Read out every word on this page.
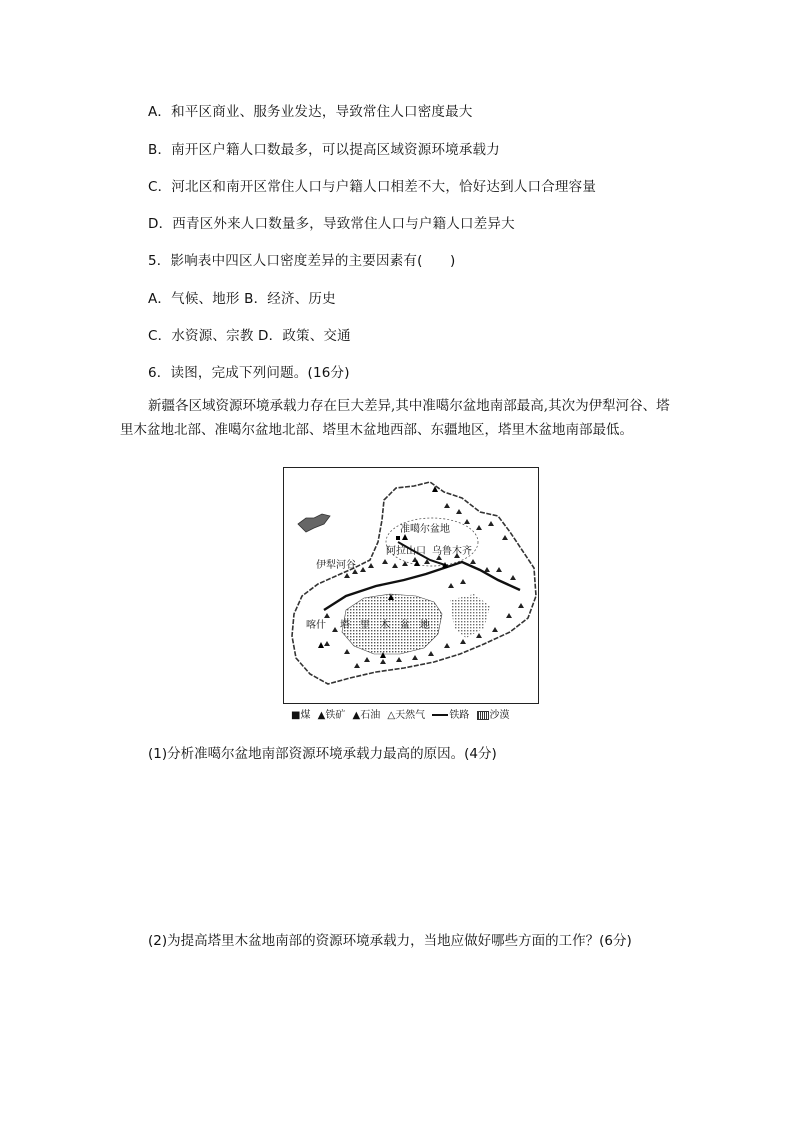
A．和平区商业、服务业发达，导致常住人口密度最大
B．南开区户籍人口数最多，可以提高区域资源环境承载力
C．河北区和南开区常住人口与户籍人口相差不大，恰好达到人口合理容量
D．西青区外来人口数量多，导致常住人口与户籍人口差异大
5．影响表中四区人口密度差异的主要因素有(　　)
A．气候、地形 B．经济、历史
C．水资源、宗教 D．政策、交通
6．读图，完成下列问题。(16分)
新疆各区域资源环境承载力存在巨大差异,其中准噶尔盆地南部最高,其次为伊犁河谷、塔里木盆地北部、准噶尔盆地北部、塔里木盆地西部、东疆地区，塔里木盆地南部最低。
准噶尔盆地
阿拉山口 乌鲁木齐
伊犁河谷
喀什 塔　里　木　盆　地
■煤 ▲铁矿 ▲石油 △天然气 铁路 沙漠
(1)分析准噶尔盆地南部资源环境承载力最高的原因。(4分)
(2)为提高塔里木盆地南部的资源环境承载力，当地应做好哪些方面的工作？(6分)
